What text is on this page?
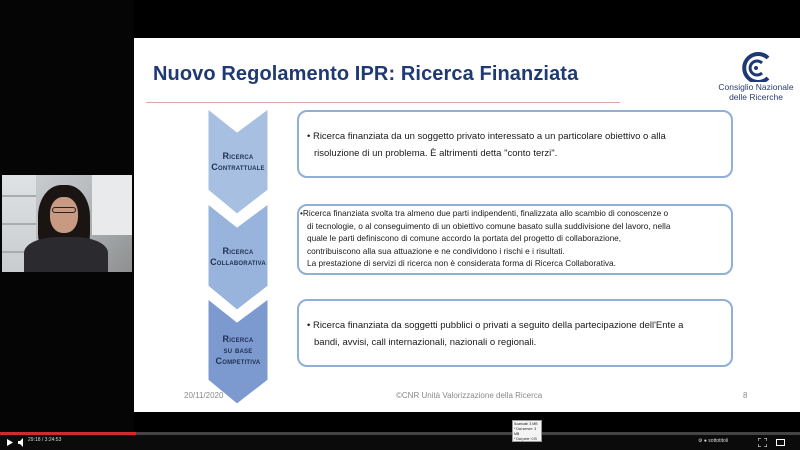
Nuovo Regolamento IPR: Ricerca Finanziata
Consiglio Nazionale
delle Ricerche
Ricerca
Contrattuale

• Ricerca finanziata da un soggetto privato interessato a un particolare obiettivo o alla

risoluzione di un problema. È altrimenti detta "conto terzi".

Ricerca
Collaborativa

•Ricerca finanziata svolta tra almeno due parti indipendenti, finalizzata allo scambio di conoscenze o

di tecnologie, o al conseguimento di un obiettivo comune basato sulla suddivisione del lavoro, nella

quale le parti definiscono di comune accordo la portata del progetto di collaborazione,

contribuiscono alla sua attuazione e ne condividono i rischi e i risultati.

La prestazione di servizi di ricerca non è considerata forma di Ricerca Collaborativa.

Ricerca
su base
Competitiva

• Ricerca finanziata da soggetti pubblici o privati a seguito della partecipazione dell'Ente a

bandi, avvisi, call internazionali, nazionali o regionali.

20/11/2020	©CNR Unità Valorizzazione della Ricerca	8
29:18 / 3:24:53
Scaricati: 3 MB
* Dai server: 3 MB
* Dai peer: 0 B
Caricati: 0 B	⚙ ● sottotitoli
